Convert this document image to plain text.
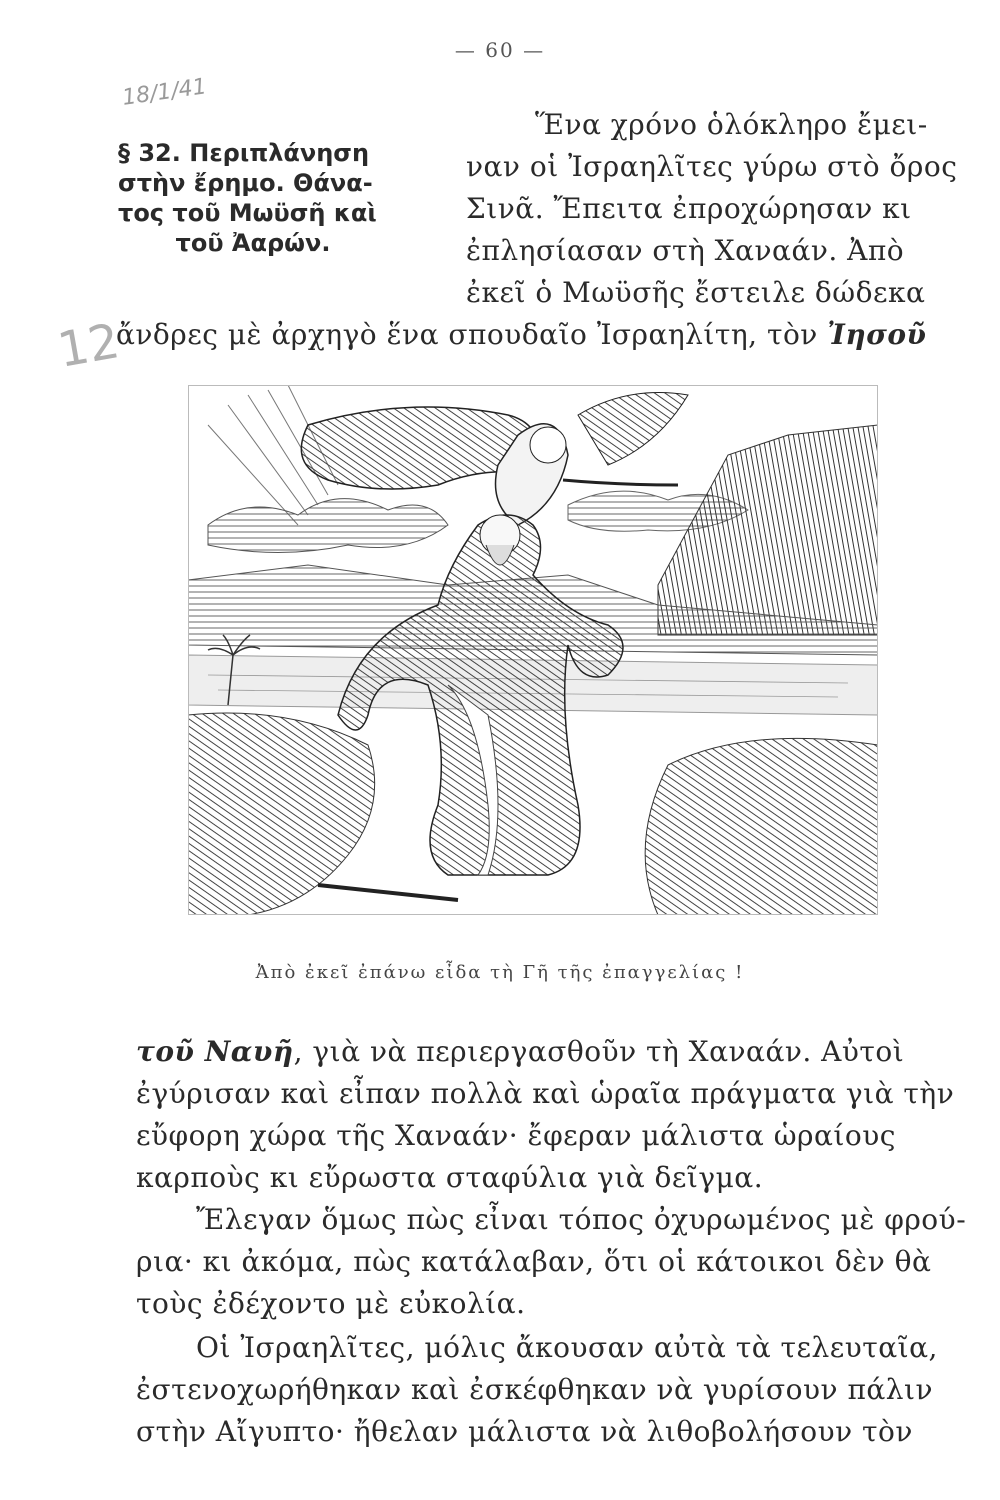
— 60 —
18/1/41
12
§ 32. Περιπλάνηση
στὴν ἔρημο. Θάνα-
τος τοῦ Μωϋσῆ καὶ
τοῦ Ἀαρών.
Ἕνα χρόνο ὁλόκληρο ἔμει-
ναν οἱ Ἰσραηλῖτες γύρω στὸ ὄρος
Σινᾶ. Ἔπειτα ἐπροχώρησαν κι
ἐπλησίασαν στὴ Χαναάν. Ἀπὸ
ἐκεῖ ὁ Μωϋσῆς ἔστειλε δώδεκα
ἄνδρες μὲ ἀρχηγὸ ἕνα σπουδαῖο Ἰσραηλίτη, τὸν Ἰησοῦ
Ἀπὸ ἐκεῖ ἐπάνω εἶδα τὴ Γῆ τῆς ἐπαγγελίας !
τοῦ Ναυῆ, γιὰ νὰ περιεργασθοῦν τὴ Χαναάν. Αὐτοὶ
ἐγύρισαν καὶ εἶπαν πολλὰ καὶ ὡραῖα πράγματα γιὰ τὴν
εὔφορη χώρα τῆς Χαναάν· ἔφεραν μάλιστα ὡραίους
καρποὺς κι εὔρωστα σταφύλια γιὰ δεῖγμα.
Ἔλεγαν ὅμως πὼς εἶναι τόπος ὀχυρωμένος μὲ φρού-
ρια· κι ἀκόμα, πὼς κατάλαβαν, ὅτι οἱ κάτοικοι δὲν θὰ
τοὺς ἐδέχοντο μὲ εὐκολία.
Οἱ Ἰσραηλῖτες, μόλις ἄκουσαν αὐτὰ τὰ τελευταῖα,
ἐστενοχωρήθηκαν καὶ ἐσκέφθηκαν νὰ γυρίσουν πάλιν
στὴν Αἴγυπτο· ἤθελαν μάλιστα νὰ λιθοβολήσουν τὸν
